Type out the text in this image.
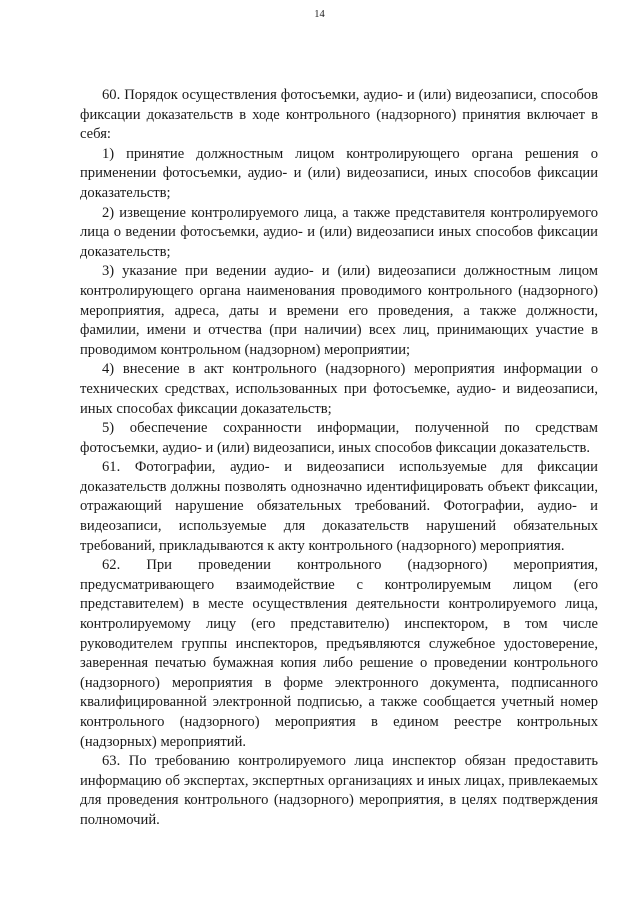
14

60. Порядок осуществления фотосъемки, аудио- и (или) видеозаписи, способов фиксации доказательств в ходе контрольного (надзорного) принятия включает в себя:

1) принятие должностным лицом контролирующего органа решения о применении фотосъемки, аудио- и (или) видеозаписи, иных способов фиксации доказательств;

2) извещение контролируемого лица, а также представителя контролируемого лица о ведении фотосъемки, аудио- и (или) видеозаписи иных способов фиксации доказательств;

3) указание при ведении аудио- и (или) видеозаписи должностным лицом контролирующего органа наименования проводимого контрольного (надзорного) мероприятия, адреса, даты и времени его проведения, а также должности, фамилии, имени и отчества (при наличии) всех лиц, принимающих участие в проводимом контрольном (надзорном) мероприятии;

4) внесение в акт контрольного (надзорного) мероприятия информации о технических средствах, использованных при фотосъемке, аудио- и видеозаписи, иных способах фиксации доказательств;

5) обеспечение сохранности информации, полученной по средствам фотосъемки, аудио- и (или) видеозаписи, иных способов фиксации доказательств.

61. Фотографии, аудио- и видеозаписи используемые для фиксации доказательств должны позволять однозначно идентифицировать объект фиксации, отражающий нарушение обязательных требований. Фотографии, аудио- и видеозаписи, используемые для доказательств нарушений обязательных требований, прикладываются к акту контрольного (надзорного) мероприятия.

62. При проведении контрольного (надзорного) мероприятия, предусматривающего взаимодействие с контролируемым лицом (его представителем) в месте осуществления деятельности контролируемого лица, контролируемому лицу (его представителю) инспектором, в том числе руководителем группы инспекторов, предъявляются служебное удостоверение, заверенная печатью бумажная копия либо решение о проведении контрольного (надзорного) мероприятия в форме электронного документа, подписанного квалифицированной электронной подписью, а также сообщается учетный номер контрольного (надзорного) мероприятия в едином реестре контрольных (надзорных) мероприятий.

63. По требованию контролируемого лица инспектор обязан предоставить информацию об экспертах, экспертных организациях и иных лицах, привлекаемых для проведения контрольного (надзорного) мероприятия, в целях подтверждения полномочий.
